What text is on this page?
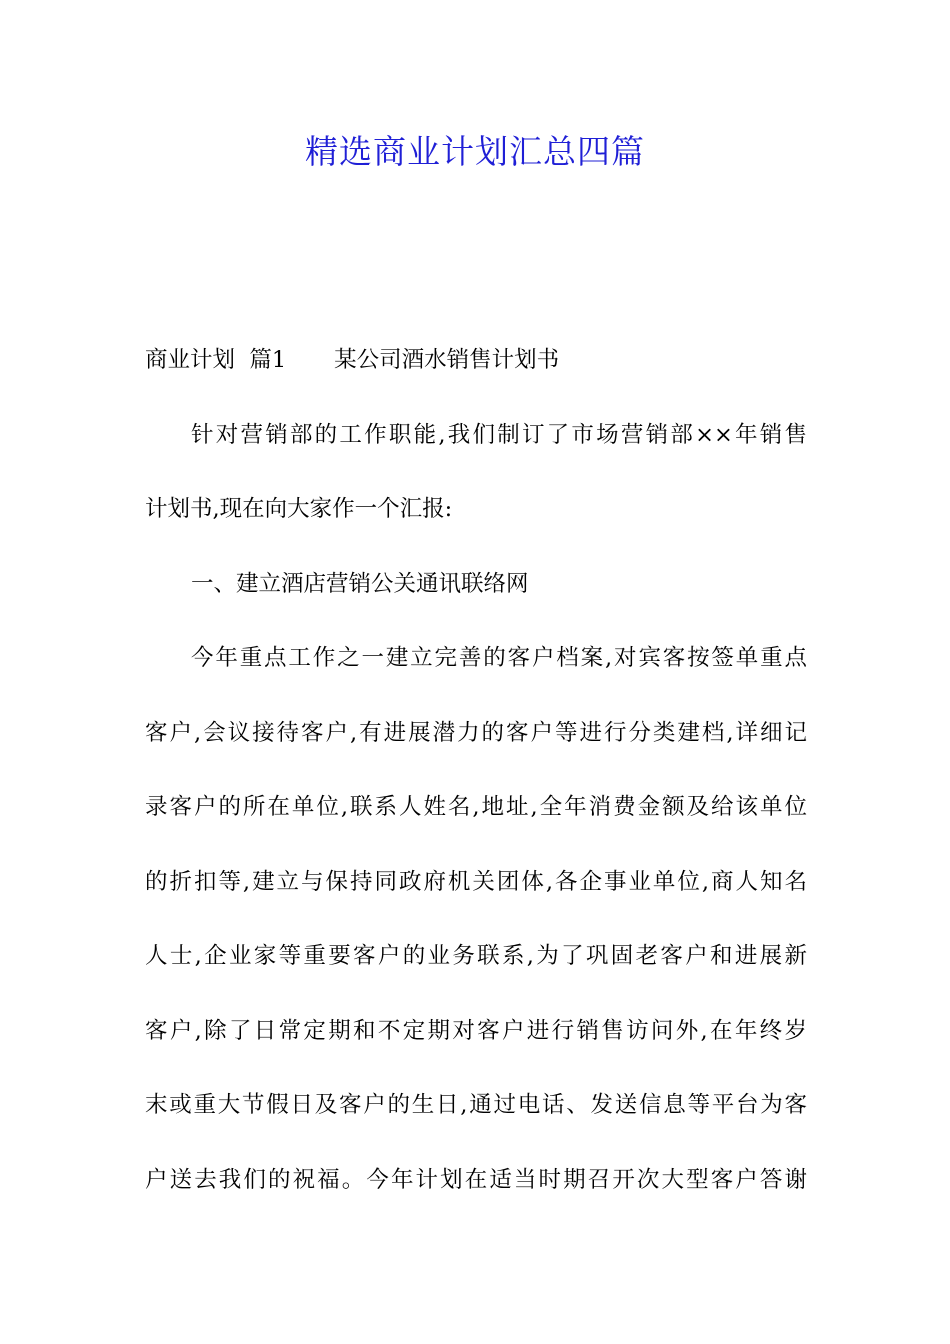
精选商业计划汇总四篇
商业计划 篇1 某公司酒水销售计划书
针对营销部的工作职能,我们制订了市场营销部××年销售
计划书,现在向大家作一个汇报:
一、建立酒店营销公关通讯联络网
今年重点工作之一建立完善的客户档案,对宾客按签单重点
客户,会议接待客户,有进展潜力的客户等进行分类建档,详细记
录客户的所在单位,联系人姓名,地址,全年消费金额及给该单位
的折扣等,建立与保持同政府机关团体,各企事业单位,商人知名
人士,企业家等重要客户的业务联系,为了巩固老客户和进展新
客户,除了日常定期和不定期对客户进行销售访问外,在年终岁
末或重大节假日及客户的生日,通过电话、发送信息等平台为客
户送去我们的祝福。今年计划在适当时期召开次大型客户答谢
